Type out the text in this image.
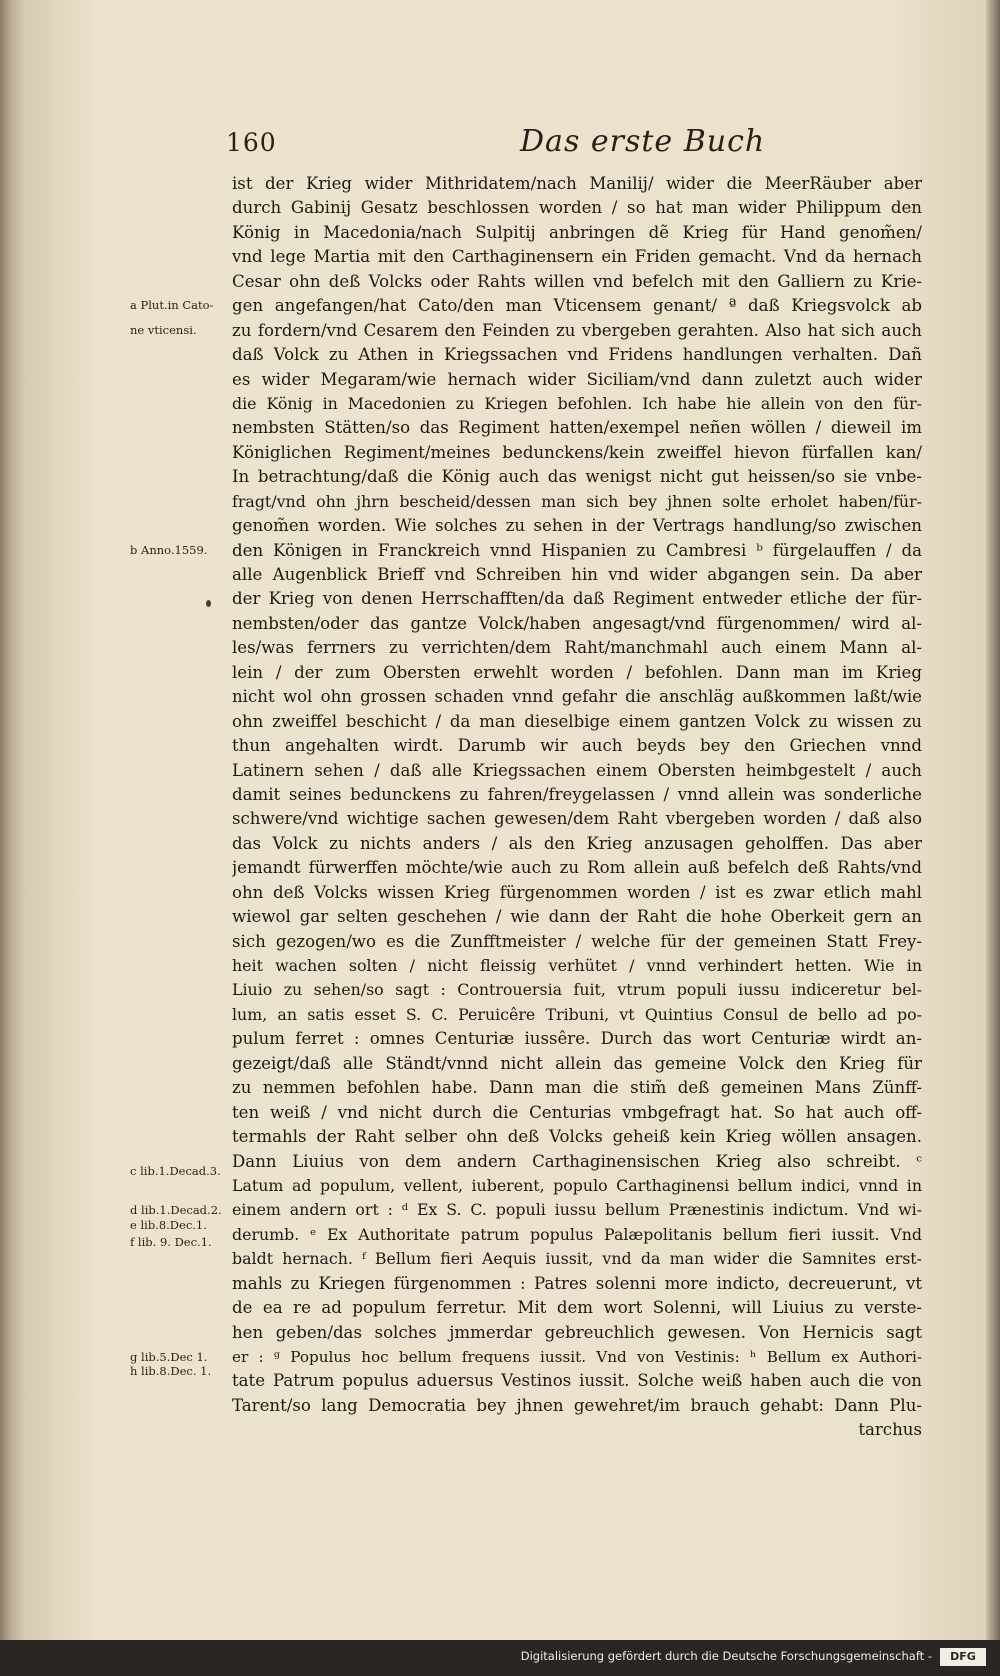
160	Das erste Buch
a Plut.in Cato-
ne vticensi.
b Anno.1559.
c lib.1.Decad.3.
d lib.1.Decad.2.
e lib.8.Dec.1.
f lib. 9. Dec.1.
g lib.5.Dec 1.
h lib.8.Dec. 1.
ist der Krieg wider Mithridatem/nach Manilij/ wider die MeerRäuber aber
durch Gabinij Gesatz beschlossen worden / so hat man wider Philippum den
König in Macedonia/nach Sulpitij anbringen dẽ Krieg für Hand genom̃en/
vnd lege Martia mit den Carthaginensern ein Friden gemacht. Vnd da hernach
Cesar ohn deß Volcks oder Rahts willen vnd befelch mit den Galliern zu Krie-
gen angefangen/hat Cato/den man Vticensem genant/ ª daß Kriegsvolck ab
zu fordern/vnd Cesarem den Feinden zu vbergeben gerahten. Also hat sich auch
daß Volck zu Athen in Kriegssachen vnd Fridens handlungen verhalten. Dañ
es wider Megaram/wie hernach wider Siciliam/vnd dann zuletzt auch wider
die König in Macedonien zu Kriegen befohlen. Ich habe hie allein von den für-
nembsten Stätten/so das Regiment hatten/exempel neñen wöllen / dieweil im
Königlichen Regiment/meines bedunckens/kein zweiffel hievon fürfallen kan/
In betrachtung/daß die König auch das wenigst nicht gut heissen/so sie vnbe-
fragt/vnd ohn jhrn bescheid/dessen man sich bey jhnen solte erholet haben/für-
genom̃en worden. Wie solches zu sehen in der Vertrags handlung/so zwischen
den Königen in Franckreich vnnd Hispanien zu Cambresi ᵇ fürgelauffen / da
alle Augenblick Brieff vnd Schreiben hin vnd wider abgangen sein. Da aber
der Krieg von denen Herrschafften/da daß Regiment entweder etliche der für-
nembsten/oder das gantze Volck/haben angesagt/vnd fürgenommen/ wird al-
les/was ferrners zu verrichten/dem Raht/manchmahl auch einem Mann al-
lein / der zum Obersten erwehlt worden / befohlen. Dann man im Krieg
nicht wol ohn grossen schaden vnnd gefahr die anschläg außkommen laßt/wie
ohn zweiffel beschicht / da man dieselbige einem gantzen Volck zu wissen zu
thun angehalten wirdt. Darumb wir auch beyds bey den Griechen vnnd
Latinern sehen / daß alle Kriegssachen einem Obersten heimbgestelt / auch
damit seines bedunckens zu fahren/freygelassen / vnnd allein was sonderliche
schwere/vnd wichtige sachen gewesen/dem Raht vbergeben worden / daß also
das Volck zu nichts anders / als den Krieg anzusagen geholffen. Das aber
jemandt fürwerffen möchte/wie auch zu Rom allein auß befelch deß Rahts/vnd
ohn deß Volcks wissen Krieg fürgenommen worden / ist es zwar etlich mahl
wiewol gar selten geschehen / wie dann der Raht die hohe Oberkeit gern an
sich gezogen/wo es die Zunfftmeister / welche für der gemeinen Statt Frey-
heit wachen solten / nicht fleissig verhütet / vnnd verhindert hetten. Wie in
Liuio zu sehen/so sagt : Controuersia fuit, vtrum populi iussu indiceretur bel-
lum, an satis esset S. C. Peruicêre Tribuni, vt Quintius Consul de bello ad po-
pulum ferret : omnes Centuriæ iussêre. Durch das wort Centuriæ wirdt an-
gezeigt/daß alle Ständt/vnnd nicht allein das gemeine Volck den Krieg für
zu nemmen befohlen habe. Dann man die stim̃ deß gemeinen Mans Zünff-
ten weiß / vnd nicht durch die Centurias vmbgefragt hat. So hat auch off-
termahls der Raht selber ohn deß Volcks geheiß kein Krieg wöllen ansagen.
Dann Liuius von dem andern Carthaginensischen Krieg also schreibt. ᶜ
Latum ad populum, vellent, iuberent, populo Carthaginensi bellum indici, vnnd in
einem andern ort : ᵈ Ex S. C. populi iussu bellum Prænestinis indictum. Vnd wi-
derumb. ᵉ Ex Authoritate patrum populus Palæpolitanis bellum fieri iussit. Vnd
baldt hernach. ᶠ Bellum fieri Aequis iussit, vnd da man wider die Samnites erst-
mahls zu Kriegen fürgenommen : Patres solenni more indicto, decreuerunt, vt
de ea re ad populum ferretur. Mit dem wort Solenni, will Liuius zu verste-
hen geben/das solches jmmerdar gebreuchlich gewesen. Von Hernicis sagt
er : ᵍ Populus hoc bellum frequens iussit. Vnd von Vestinis: ʰ Bellum ex Authori-
tate Patrum populus aduersus Vestinos iussit. Solche weiß haben auch die von
Tarent/so lang Democratia bey jhnen gewehret/im brauch gehabt: Dann Plu-
tarchus
Digitalisierung gefördert durch die Deutsche Forschungsgemeinschaft -	DFG
